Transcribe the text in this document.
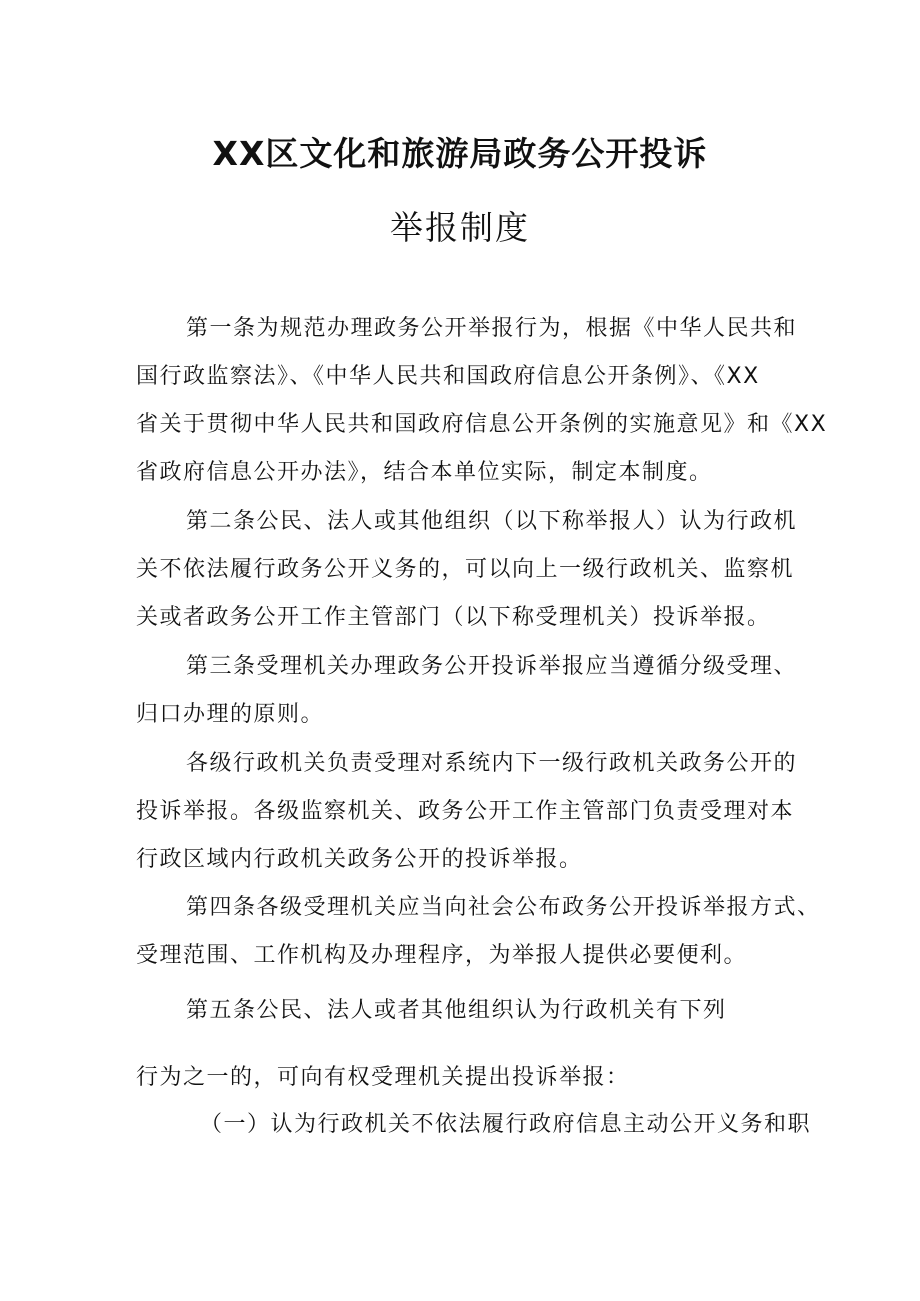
XX区文化和旅游局政务公开投诉
举报制度
第一条为规范办理政务公开举报行为，根据《中华人民共和
国行政监察法》、《中华人民共和国政府信息公开条例》、《XX
省关于贯彻中华人民共和国政府信息公开条例的实施意见》和《XX
省政府信息公开办法》，结合本单位实际，制定本制度。
第二条公民、法人或其他组织（以下称举报人）认为行政机
关不依法履行政务公开义务的，可以向上一级行政机关、监察机
关或者政务公开工作主管部门（以下称受理机关）投诉举报。
第三条受理机关办理政务公开投诉举报应当遵循分级受理、
归口办理的原则。
各级行政机关负责受理对系统内下一级行政机关政务公开的
投诉举报。各级监察机关、政务公开工作主管部门负责受理对本
行政区域内行政机关政务公开的投诉举报。
第四条各级受理机关应当向社会公布政务公开投诉举报方式、
受理范围、工作机构及办理程序，为举报人提供必要便利。
第五条公民、法人或者其他组织认为行政机关有下列
行为之一的，可向有权受理机关提出投诉举报：
（一）认为行政机关不依法履行政府信息主动公开义务和职
